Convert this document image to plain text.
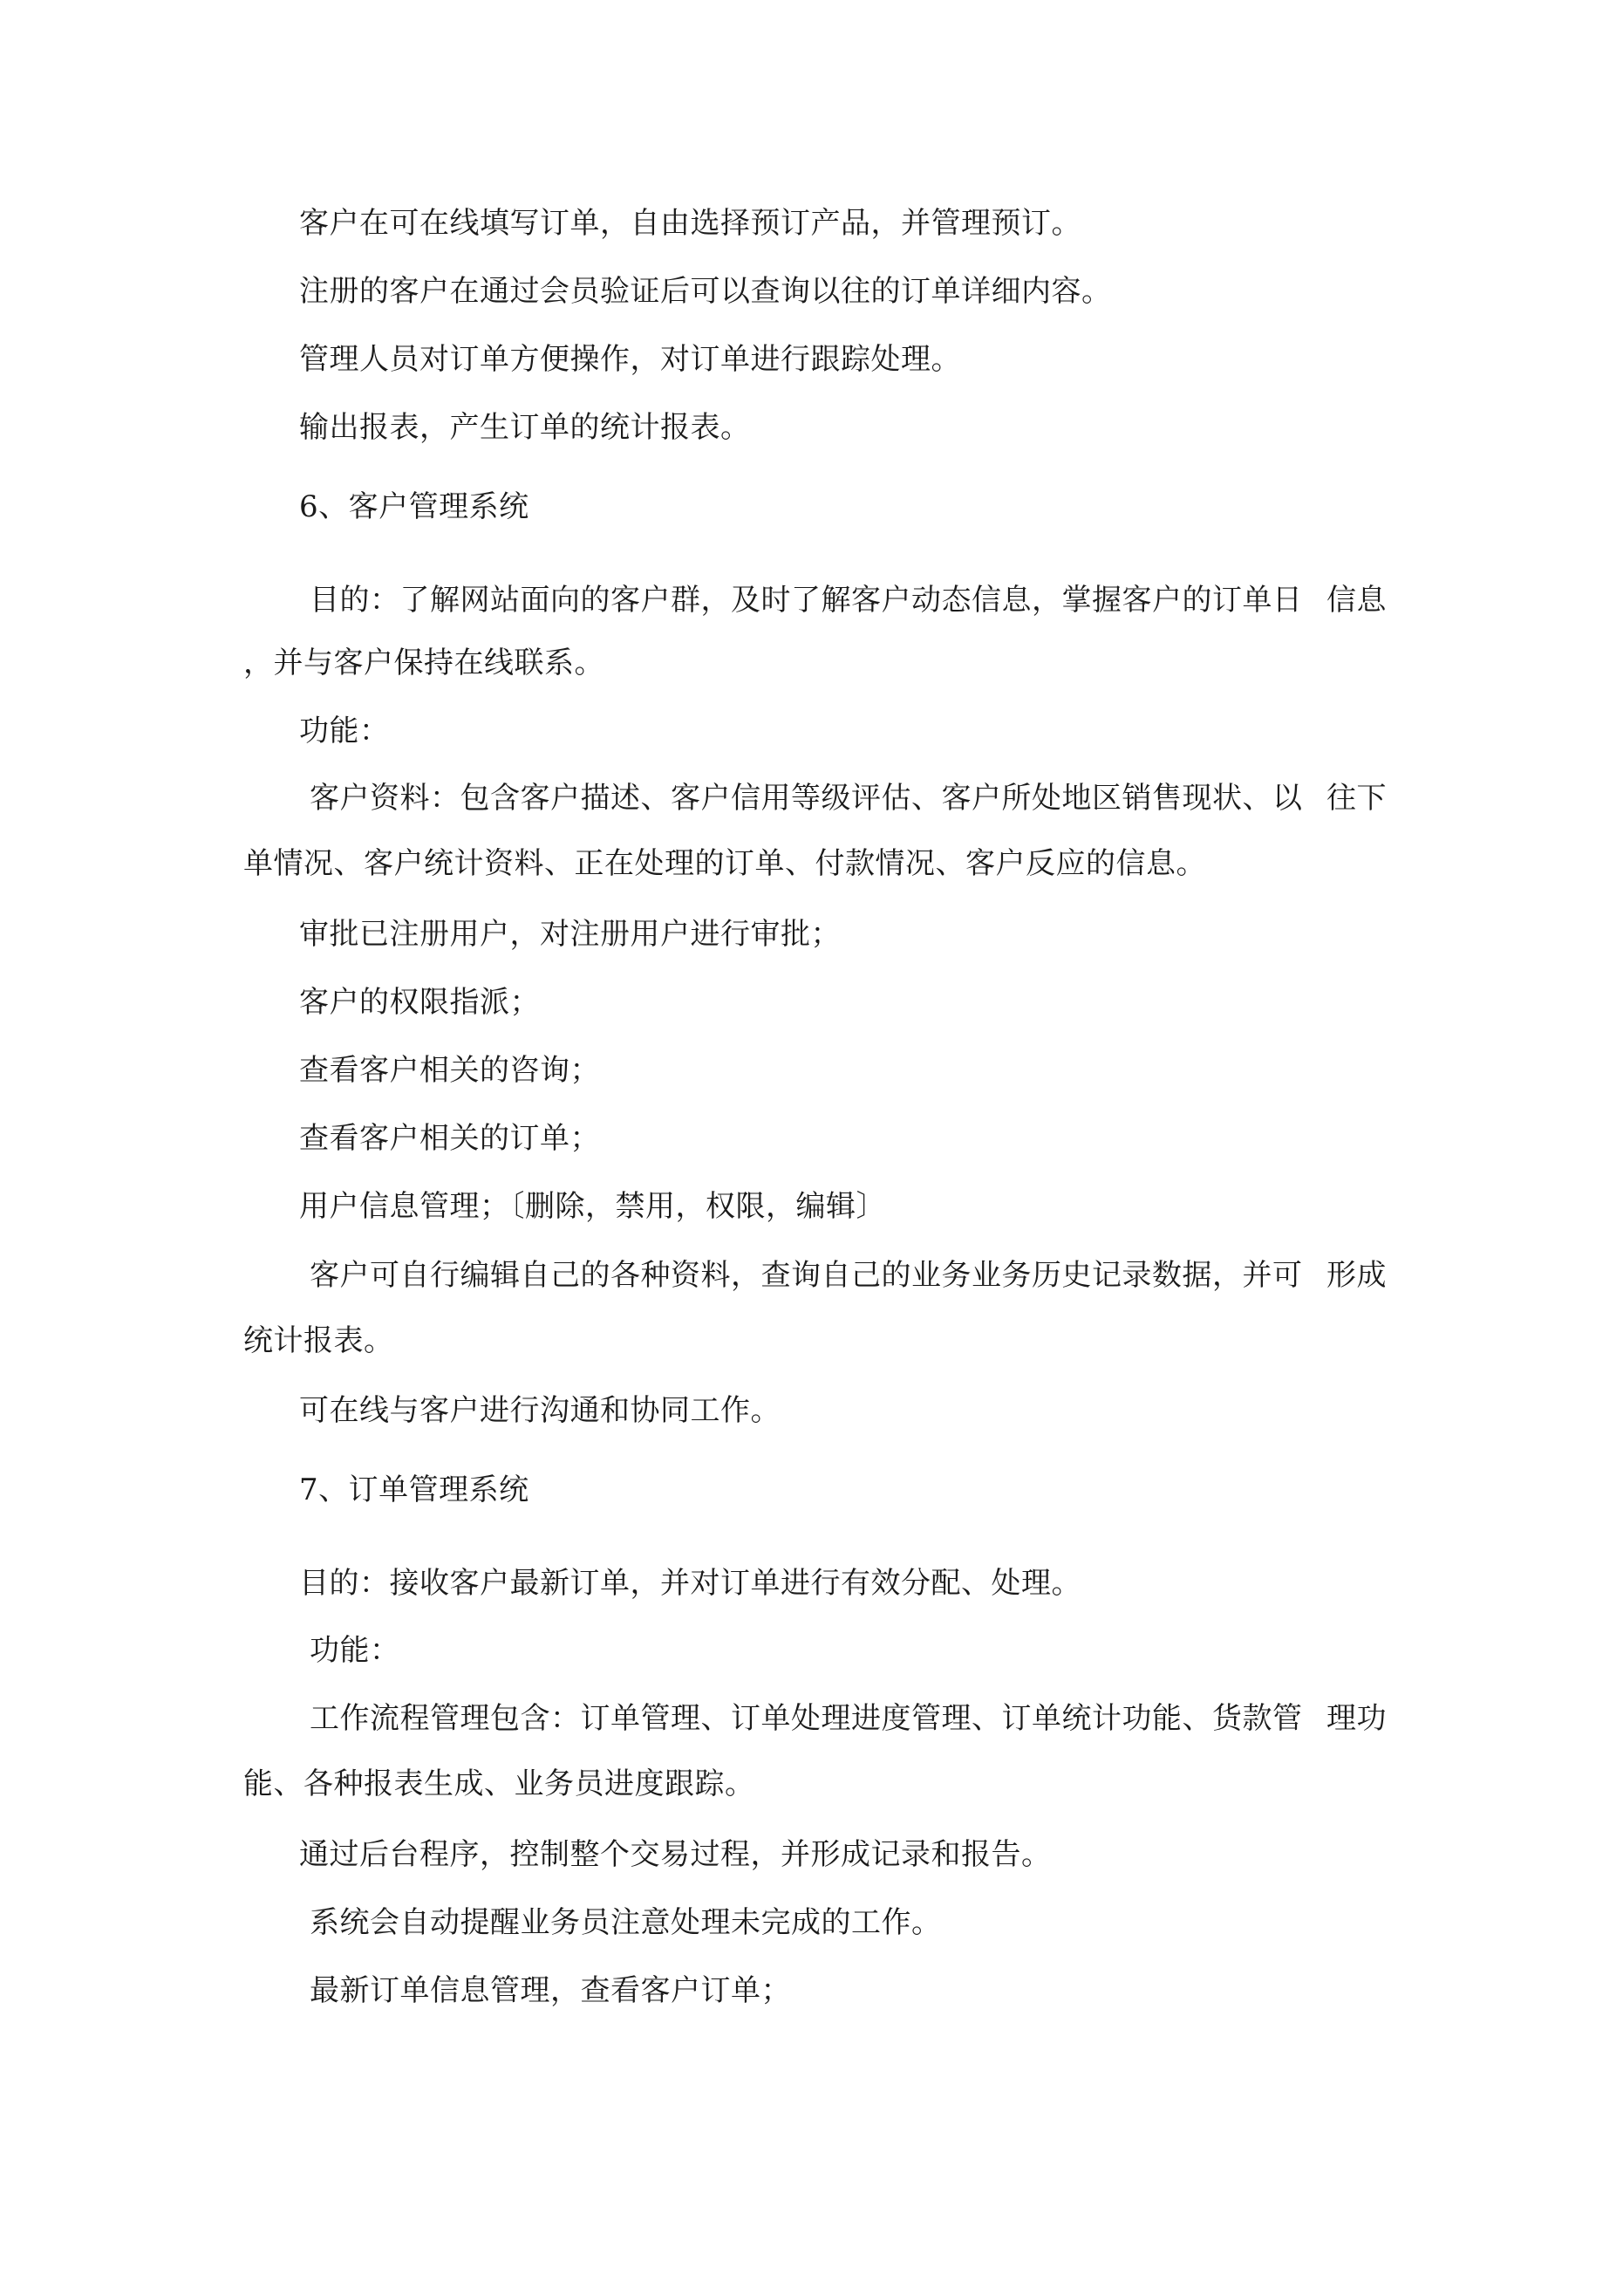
客户在可在线填写订单，自由选择预订产品，并管理预订。
注册的客户在通过会员验证后可以查询以往的订单详细内容。
管理人员对订单方便操作，对订单进行跟踪处理。
输出报表，产生订单的统计报表。
6、客户管理系统
目的：了解网站面向的客户群，及时了解客户动态信息，掌握客户的订单日 信息
，并与客户保持在线联系。
功能：
客户资料：包含客户描述、客户信用等级评估、客户所处地区销售现状、以 往下
单情况、客户统计资料、正在处理的订单、付款情况、客户反应的信息。
审批已注册用户，对注册用户进行审批；
客户的权限指派；
查看客户相关的咨询；
查看客户相关的订单；
用户信息管理；〔删除，禁用，权限，编辑〕
客户可自行编辑自己的各种资料，查询自己的业务业务历史记录数据，并可 形成
统计报表。
可在线与客户进行沟通和协同工作。
7、订单管理系统
目的：接收客户最新订单，并对订单进行有效分配、处理。
功能：
工作流程管理包含：订单管理、订单处理进度管理、订单统计功能、货款管 理功
能、各种报表生成、业务员进度跟踪。
通过后台程序，控制整个交易过程，并形成记录和报告。
系统会自动提醒业务员注意处理未完成的工作。
最新订单信息管理，查看客户订单；
